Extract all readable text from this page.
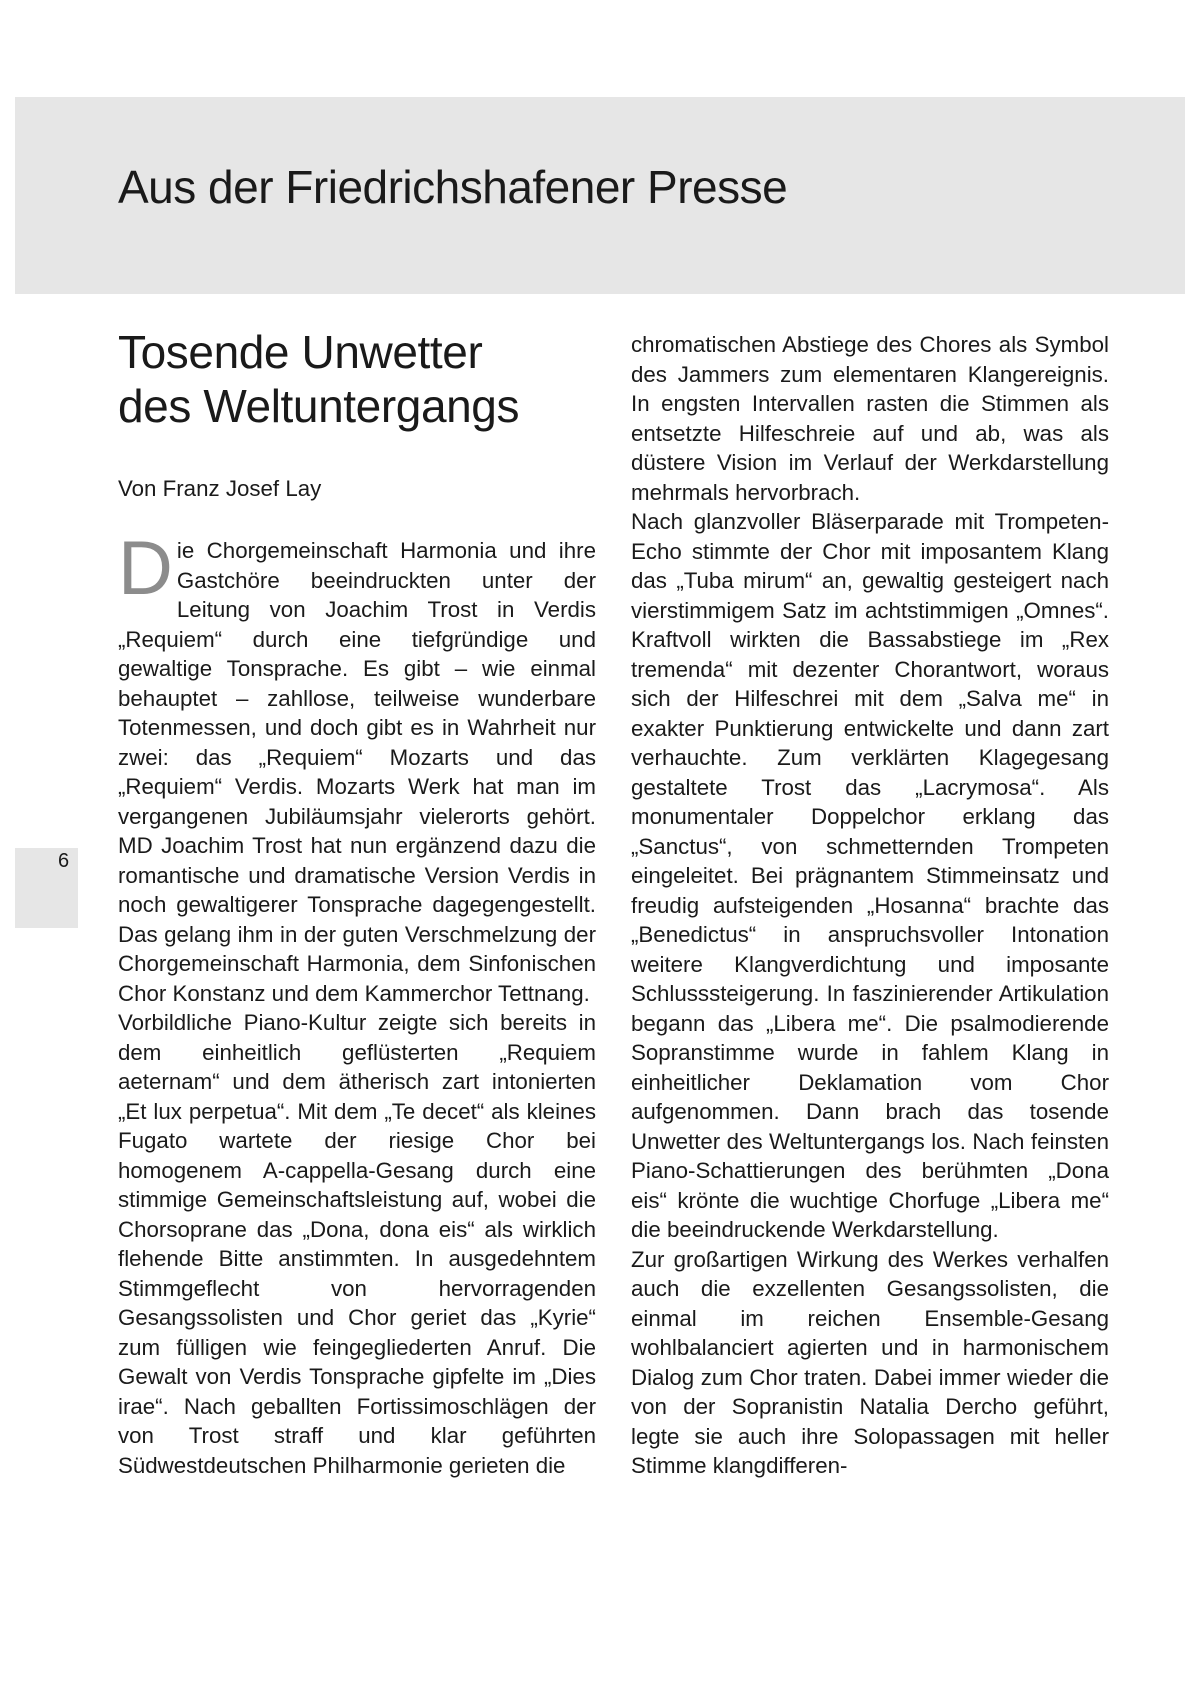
Aus der Friedrichshafener Presse
6
Tosende Unwetter
des Weltuntergangs

Von Franz Josef Lay

Die Chorgemeinschaft Harmonia und ihre Gastchöre beeindruckten unter der Leitung von Joachim Trost in Verdis „Requiem“ durch eine tiefgründige und gewaltige Tonsprache. Es gibt – wie einmal behauptet – zahllose, teilweise wunderbare Totenmessen, und doch gibt es in Wahrheit nur zwei: das „Requiem“ Mozarts und das „Requiem“ Verdis. Mozarts Werk hat man im vergangenen Jubiläumsjahr vielerorts gehört. MD Joachim Trost hat nun ergänzend dazu die romantische und dramatische Version Verdis in noch gewaltigerer Tonsprache dagegengestellt. Das gelang ihm in der guten Verschmelzung der Chorgemeinschaft Harmonia, dem Sinfonischen Chor Konstanz und dem Kammerchor Tettnang.

Vorbildliche Piano-Kultur zeigte sich bereits in dem einheitlich geflüsterten „Requiem aeternam“ und dem ätherisch zart intonierten „Et lux perpetua“. Mit dem „Te decet“ als kleines Fugato wartete der riesige Chor bei homogenem A-cappella-Gesang durch eine stimmige Gemeinschaftsleistung auf, wobei die Chorsoprane das „Dona, dona eis“ als wirklich flehende Bitte anstimmten. In ausgedehntem Stimmgeflecht von hervorragenden Gesangssolisten und Chor geriet das „Kyrie“ zum fülligen wie feingegliederten Anruf. Die Gewalt von Verdis Tonsprache gipfelte im „Dies irae“. Nach geballten Fortissimoschlägen der von Trost straff und klar geführten Südwestdeutschen Philharmonie gerieten die

chromatischen Abstiege des Chores als Symbol des Jammers zum elementaren Klangereignis. In engsten Intervallen rasten die Stimmen als entsetzte Hilfeschreie auf und ab, was als düstere Vision im Verlauf der Werkdarstellung mehrmals hervorbrach.

Nach glanzvoller Bläserparade mit Trompeten-Echo stimmte der Chor mit imposantem Klang das „Tuba mirum“ an, gewaltig gesteigert nach vierstimmigem Satz im achtstimmigen „Omnes“. Kraftvoll wirkten die Bassabstiege im „Rex tremenda“ mit dezenter Chorantwort, woraus sich der Hilfeschrei mit dem „Salva me“ in exakter Punktierung entwickelte und dann zart verhauchte. Zum verklärten Klagegesang gestaltete Trost das „Lacrymosa“. Als monumentaler Doppelchor erklang das „Sanctus“, von schmetternden Trompeten eingeleitet. Bei prägnantem Stimmeinsatz und freudig aufsteigenden „Hosanna“ brachte das „Benedictus“ in anspruchsvoller Intonation weitere Klangverdichtung und imposante Schlusssteigerung. In faszinierender Artikulation begann das „Libera me“. Die psalmodierende Sopranstimme wurde in fahlem Klang in einheitlicher Deklamation vom Chor aufgenommen. Dann brach das tosende Unwetter des Weltuntergangs los. Nach feinsten Piano-Schattierungen des berühmten „Dona eis“ krönte die wuchtige Chorfuge „Libera me“ die beeindruckende Werkdarstellung.

Zur großartigen Wirkung des Werkes verhalfen auch die exzellenten Gesangssolisten, die einmal im reichen Ensemble-Gesang wohlbalanciert agierten und in harmonischem Dialog zum Chor traten. Dabei immer wieder die von der Sopranistin Natalia Dercho geführt, legte sie auch ihre Solopassagen mit heller Stimme klangdifferen-
